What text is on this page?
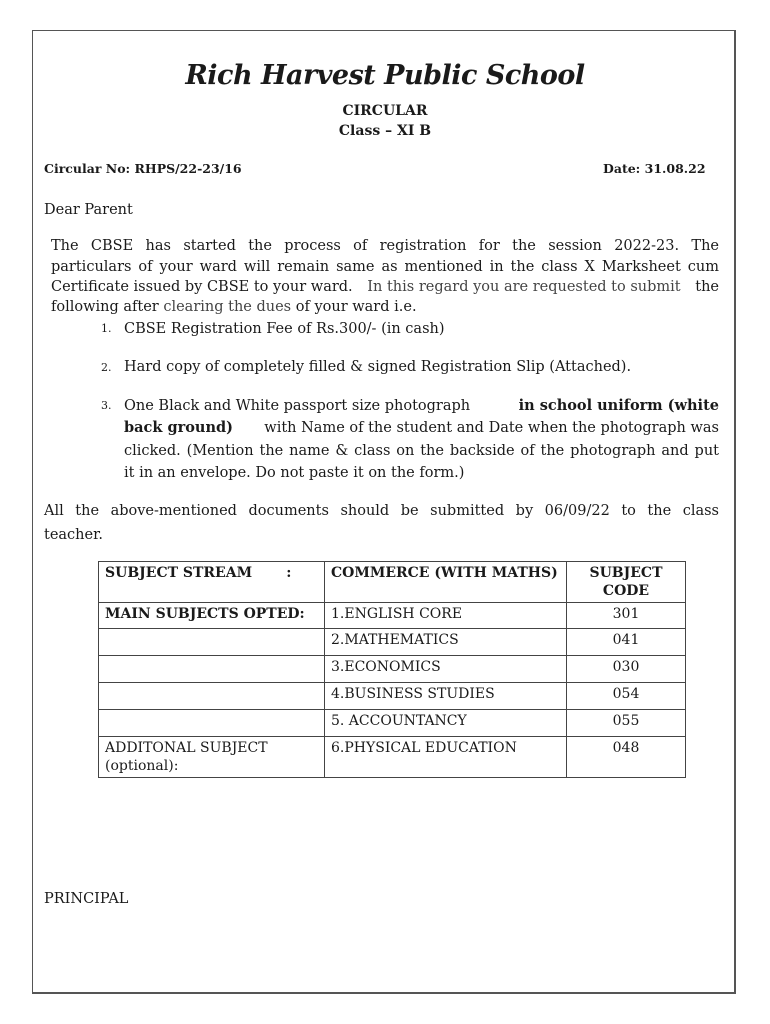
Rich Harvest Public School
CIRCULAR
Class – XI B
Circular No: RHPS/22-23/16	Date: 31.08.22
Dear Parent
The CBSE has started the process of registration for the session 2022-23. The
particulars of your ward will remain same as mentioned in the class X Marksheet cum
Certificate issued by CBSE to your ward. In this regard you are requested to submit the
following after clearing the dues of your ward i.e.
1. CBSE Registration Fee of Rs.300/- (in cash)
2. Hard copy of completely filled & signed Registration Slip (Attached).
3. One Black and White passport size photograph	in school uniform (white
back ground) with Name of the student and Date when the photograph was
clicked. (Mention the name & class on the backside of the photograph and put
it in an envelope. Do not paste it on the form.)
All the above-mentioned documents should be submitted by 06/09/22 to the class
teacher.
SUBJECT STREAM       :	COMMERCE (WITH MATHS)	SUBJECT
CODE

MAIN SUBJECTS OPTED:	1.ENGLISH CORE	301
	2.MATHEMATICS	041
	3.ECONOMICS	030
	4.BUSINESS STUDIES	054
	5. ACCOUNTANCY	055

ADDITONAL SUBJECT
(optional):	6.PHYSICAL EDUCATION	048
PRINCIPAL
